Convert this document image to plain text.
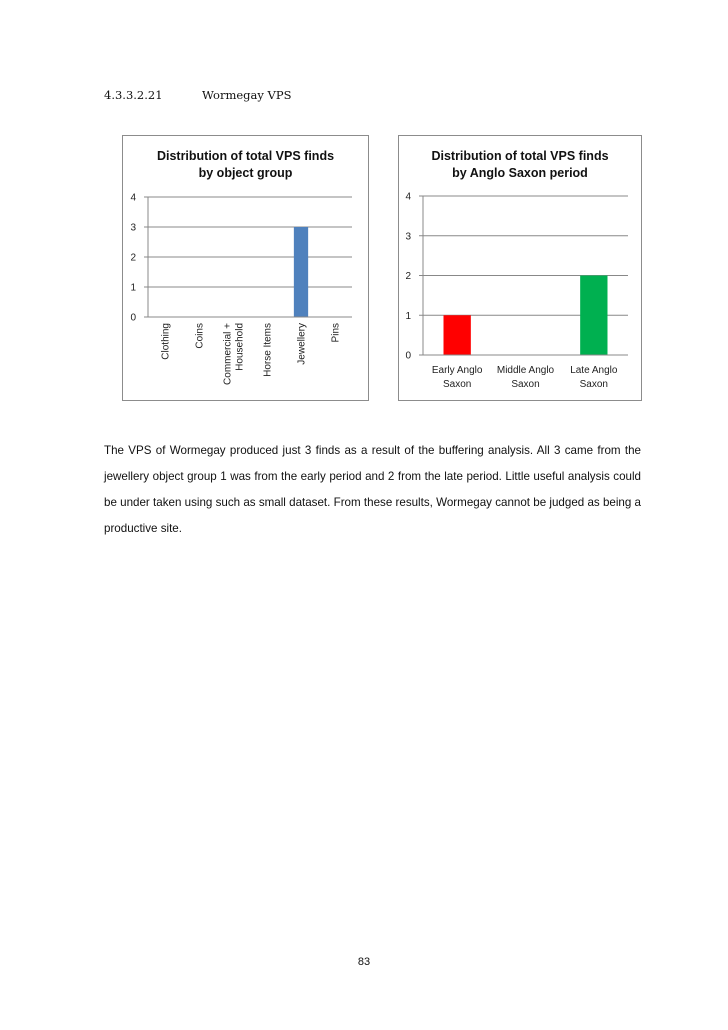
4.3.3.2.21	Wormegay VPS
Distribution of total VPS finds
by object group
0
1
2
3
4
Clothing Coins Commercial + Household Horse Items Jewellery Pins
Distribution of total VPS finds
by Anglo Saxon period
0
1
2
3
4
Early Anglo
Saxon
Middle Anglo
Saxon
Late Anglo
Saxon
The VPS of Wormegay produced just 3 finds as a result of the buffering analysis. All 3 came from the jewellery object group 1 was from the early period and 2 from the late period. Little useful analysis could be under taken using such as small dataset. From these results, Wormegay cannot be judged as being a productive site.
83
